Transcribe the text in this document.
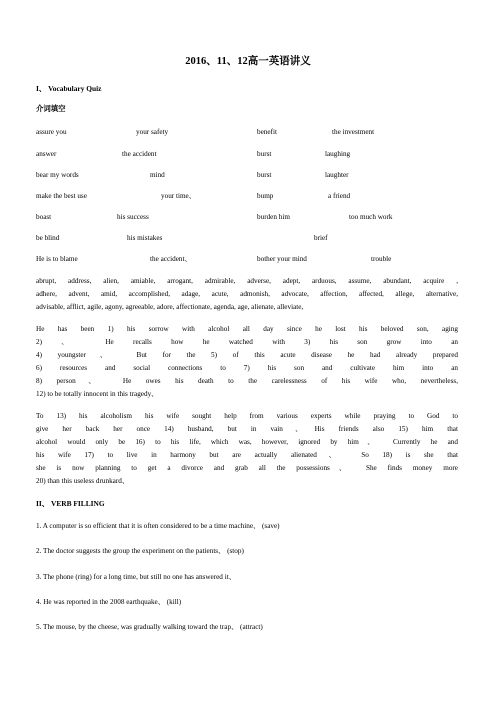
2016、11、12高一英语讲义
I、 Vocabulary Quiz
介词填空
assure you	your safety	benefit	the investment
answer	the accident	burst	laughing
bear my words	mind	burst	laughter
make the best use	your time、	bump	a friend
boast	his success	burden him	too much work
be blind	his mistakes	brief
He is to blame	the accident、	bother your mind	trouble
abrupt, address, alien, amiable, arrogant, admirable, adverse, adept, arduous, assume, abundant, acquire ,
adhere, advent, amid, accomplished, adage, acute, admonish, advocate, affection, affected, allege, alternative,
advisable, afflict, agile, agony, agreeable, adore, affectionate, agenda, age, alienate, alleviate,
He has been 1) his sorrow with alcohol all day since he lost his beloved son, aging
2) 、 He recalls how he watched with 3) his son grow into an
4) youngster、 But for the 5) of this acute disease he had already prepared
6) resources and social connections to 7) his son and cultivate him into an
8) person、 He owes his death to the carelessness of his wife who, nevertheless,
12) to be totally innocent in this tragedy、
To 13) his alcoholism his wife sought help from various experts while praying to God to
give her back her once 14) husband, but in vain、His friends also 15) him that
alcohol would only be 16) to his life, which was, however, ignored by him、 Currently he and
his wife 17) to live in harmony but are actually alienated、 So 18) is she that
she is now planning to get a divorce and grab all the possessions、 She finds money more
20) than this useless drunkard、
II、 VERB FILLING
1. A computer is so efficient that it is often considered to be a time machine、 (save)
2. The doctor suggests the group the experiment on the patients、 (stop)
3. The phone (ring) for a long time, but still no one has answered it、
4. He was reported in the 2008 earthquake、 (kill)
5. The mouse, by the cheese, was gradually walking toward the trap、 (attract)
